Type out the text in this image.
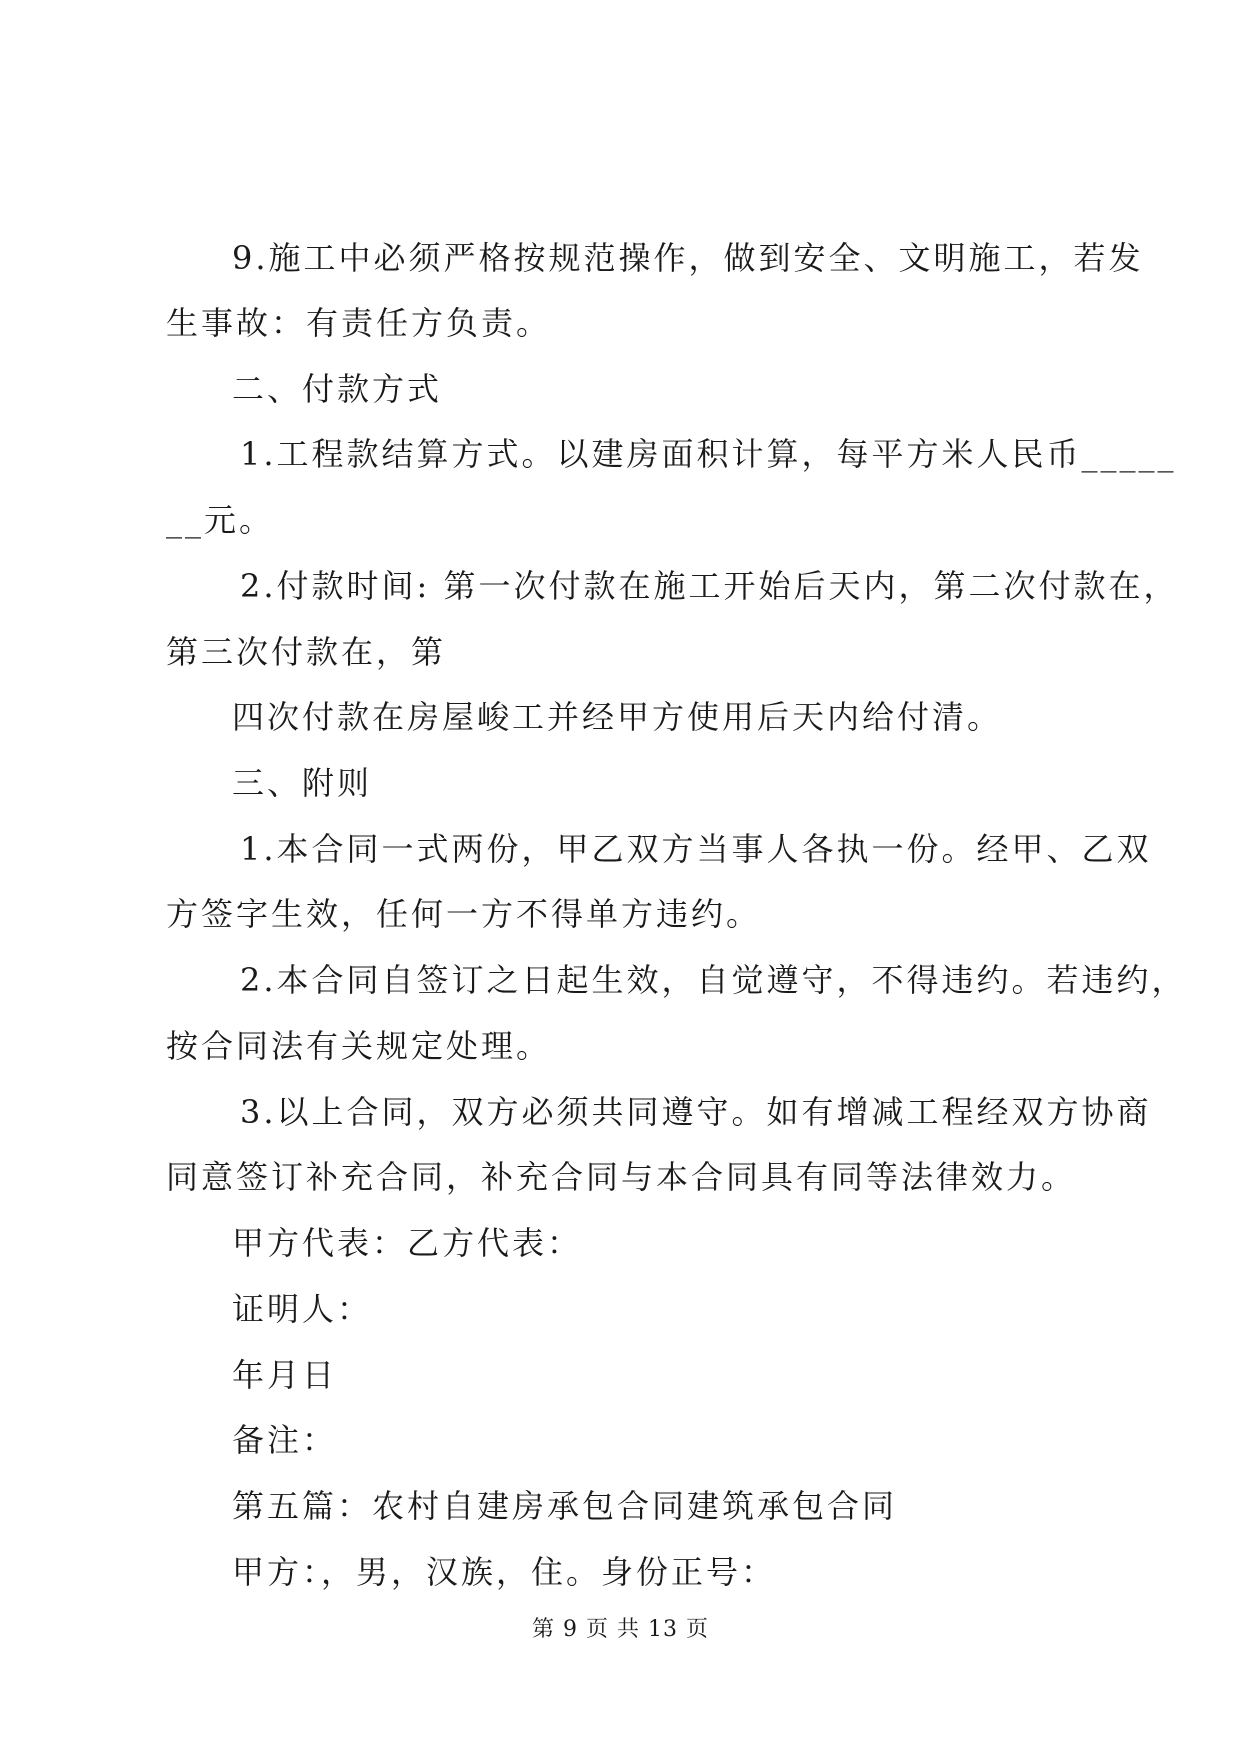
9.施工中必须严格按规范操作，做到安全、文明施工，若发
生事故：有责任方负责。
二、付款方式
1.工程款结算方式。以建房面积计算，每平方米人民币_____
__元。
2.付款时间: 第一次付款在施工开始后天内，第二次付款在，
第三次付款在，第
四次付款在房屋峻工并经甲方使用后天内给付清。
三、附则
1.本合同一式两份，甲乙双方当事人各执一份。经甲、乙双
方签字生效，任何一方不得单方违约。
2.本合同自签订之日起生效，自觉遵守，不得违约。若违约，
按合同法有关规定处理。
3.以上合同，双方必须共同遵守。如有增减工程经双方协商
同意签订补充合同，补充合同与本合同具有同等法律效力。
甲方代表：乙方代表：
证明人：
年月日
备注：
第五篇：农村自建房承包合同建筑承包合同
甲方：，男，汉族，住。身份正号：
第 9 页 共 13 页
